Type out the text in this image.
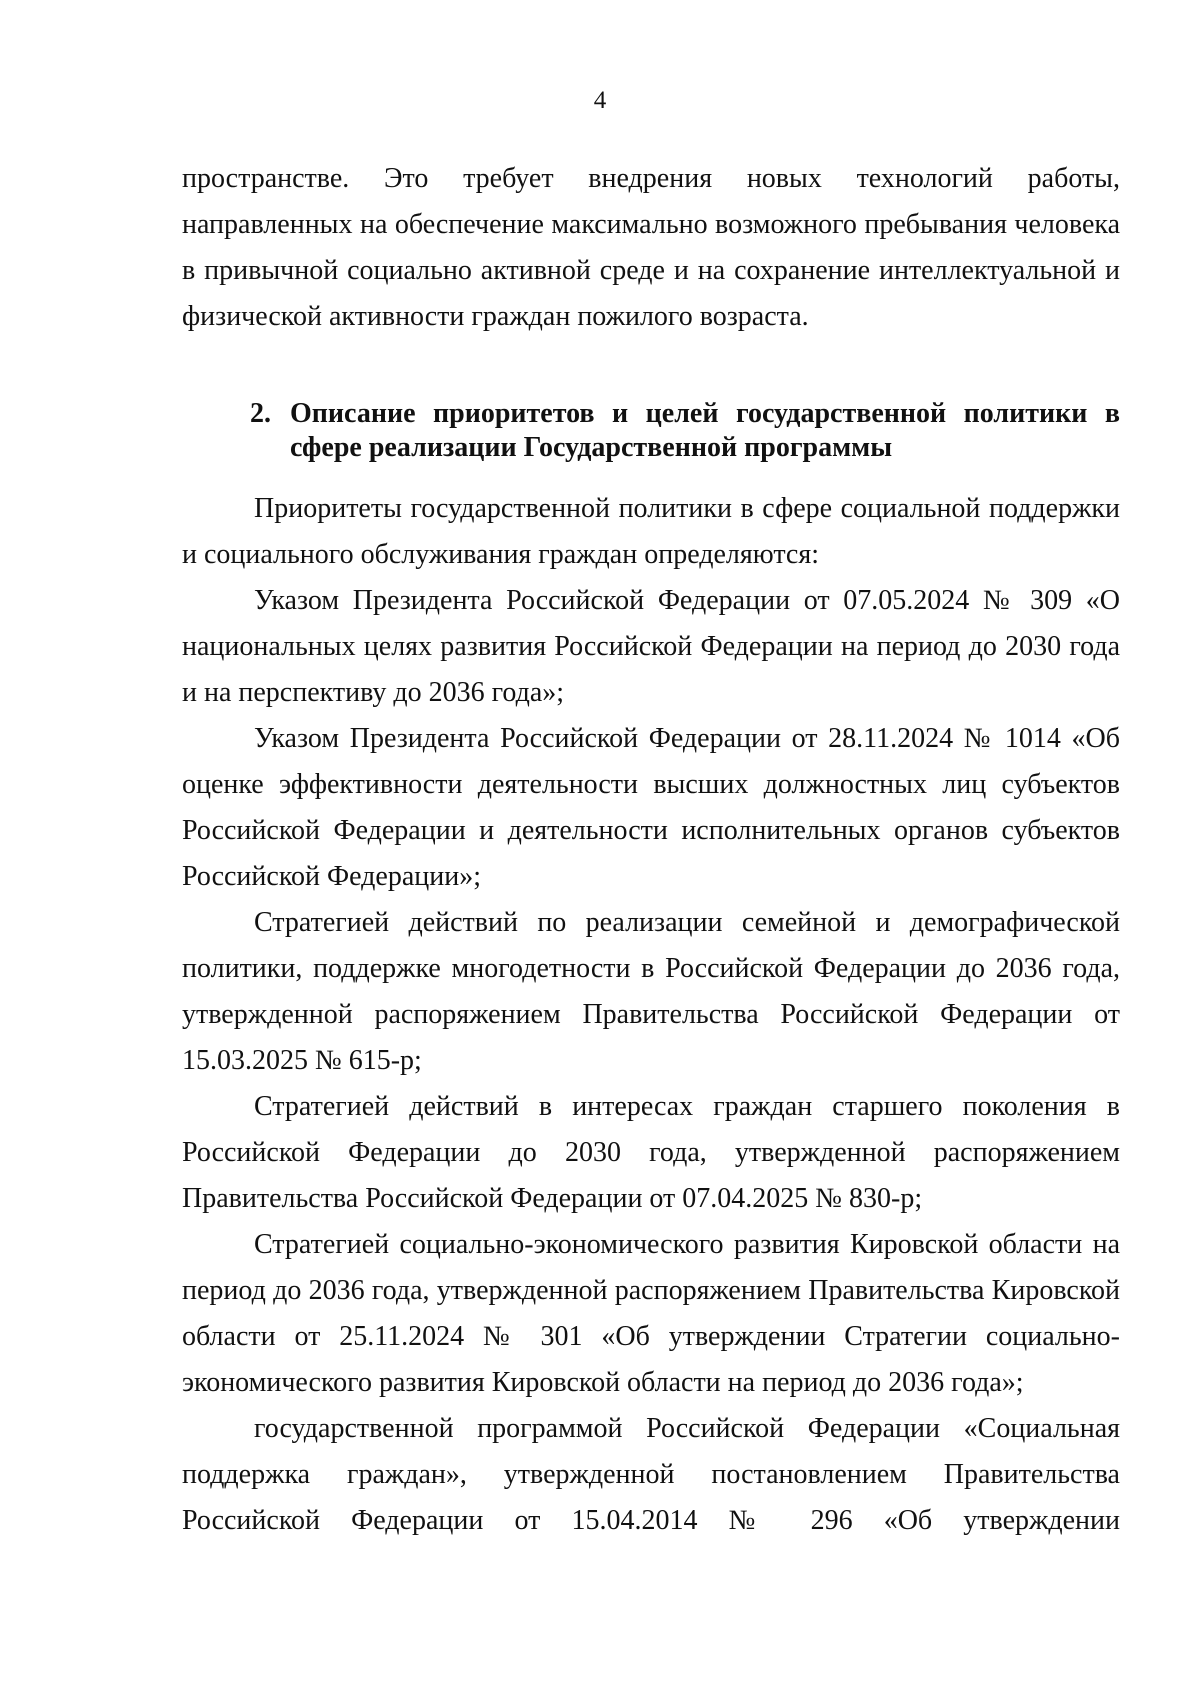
4

пространстве. Это требует внедрения новых технологий работы, направленных на обеспечение максимально возможного пребывания человека в привычной социально активной среде и на сохранение интеллектуальной и физической активности граждан пожилого возраста.

2. Описание приоритетов и целей государственной политики в сфере реализации Государственной программы

Приоритеты государственной политики в сфере социальной поддержки и социального обслуживания граждан определяются:

Указом Президента Российской Федерации от 07.05.2024 № 309 «О национальных целях развития Российской Федерации на период до 2030 года и на перспективу до 2036 года»;

Указом Президента Российской Федерации от 28.11.2024 № 1014 «Об оценке эффективности деятельности высших должностных лиц субъектов Российской Федерации и деятельности исполнительных органов субъектов Российской Федерации»;

Стратегией действий по реализации семейной и демографической политики, поддержке многодетности в Российской Федерации до 2036 года, утвержденной распоряжением Правительства Российской Федерации от 15.03.2025 № 615-р;

Стратегией действий в интересах граждан старшего поколения в Российской Федерации до 2030 года, утвержденной распоряжением Правительства Российской Федерации от 07.04.2025 № 830-р;

Стратегией социально-экономического развития Кировской области на период до 2036 года, утвержденной распоряжением Правительства Кировской области от 25.11.2024 № 301 «Об утверждении Стратегии социально-экономического развития Кировской области на период до 2036 года»;

государственной программой Российской Федерации «Социальная поддержка граждан», утвержденной постановлением Правительства Российской Федерации от 15.04.2014 № 296 «Об утверждении
